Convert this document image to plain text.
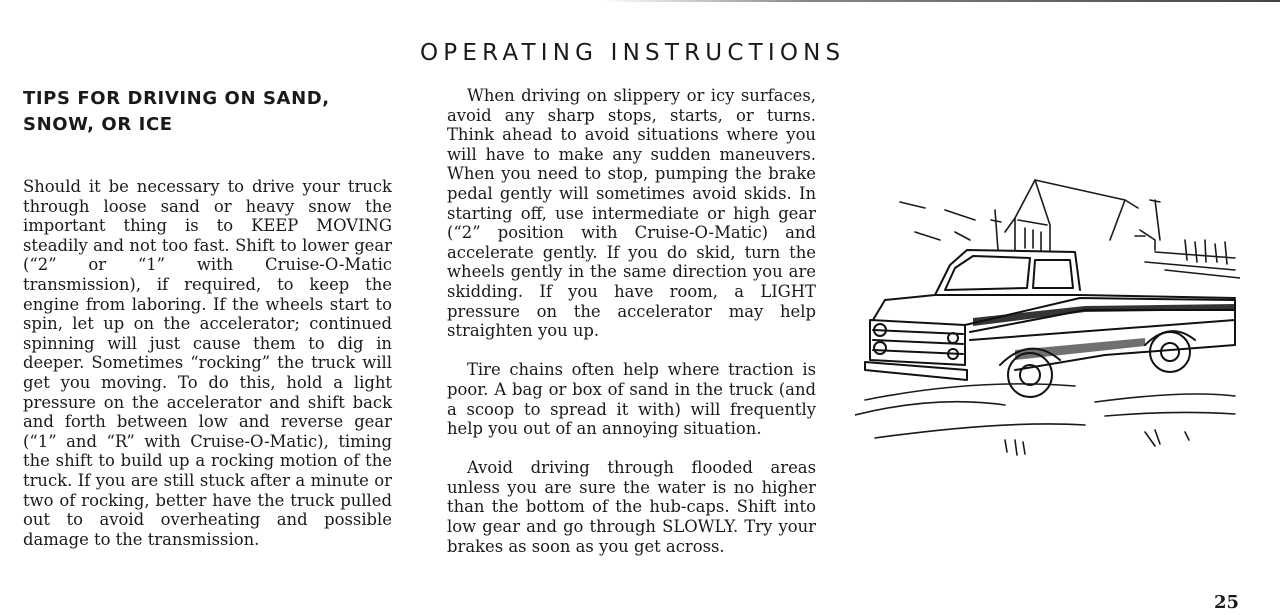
OPERATING INSTRUCTIONS
TIPS FOR DRIVING ON SAND,
SNOW, OR ICE

Should it be necessary to drive your truck through loose sand or heavy snow the important thing is to KEEP MOVING steadily and not too fast. Shift to lower gear (“2” or “1” with Cruise-O-Matic transmission), if required, to keep the engine from laboring. If the wheels start to spin, let up on the accelerator; continued spinning will just cause them to dig in deeper. Sometimes “rocking” the truck will get you moving. To do this, hold a light pressure on the accelerator and shift back and forth between low and reverse gear (“1” and “R” with Cruise-O-Matic), timing the shift to build up a rocking motion of the truck. If you are still stuck after a minute or two of rocking, better have the truck pulled out to avoid overheating and possible damage to the transmission.

When driving on slippery or icy surfaces, avoid any sharp stops, starts, or turns. Think ahead to avoid situations where you will have to make any sudden maneuvers. When you need to stop, pumping the brake pedal gently will sometimes avoid skids. In starting off, use intermediate or high gear (“2” position with Cruise-O-Matic) and accelerate gently. If you do skid, turn the wheels gently in the same direction you are skidding. If you have room, a LIGHT pressure on the accelerator may help straighten you up.

Tire chains often help where traction is poor. A bag or box of sand in the truck (and a scoop to spread it with) will frequently help you out of an annoying situation.

Avoid driving through flooded areas unless you are sure the water is no higher than the bottom of the hub-caps. Shift into low gear and go through SLOWLY. Try your brakes as soon as you get across.

25
